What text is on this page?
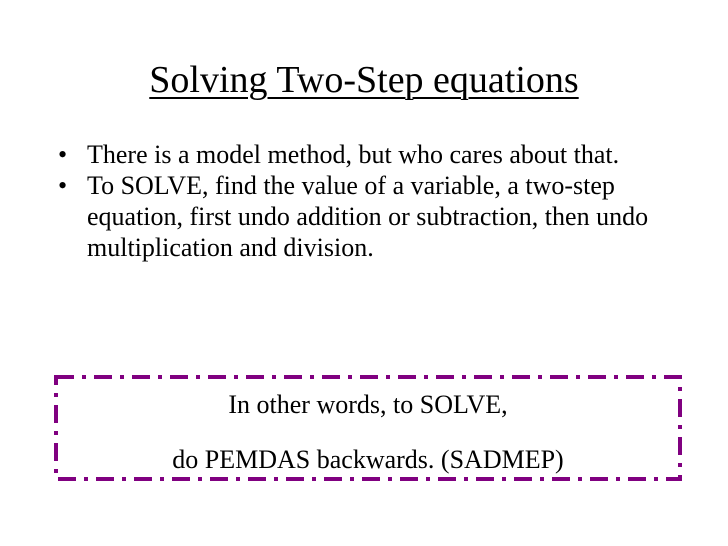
Solving Two-Step equations
• There is a model method, but who cares about that.
• To SOLVE, find the value of a variable, a two-step equation, first undo addition or subtraction, then undo multiplication and division.
In other words, to SOLVE,
do PEMDAS backwards. (SADMEP)
